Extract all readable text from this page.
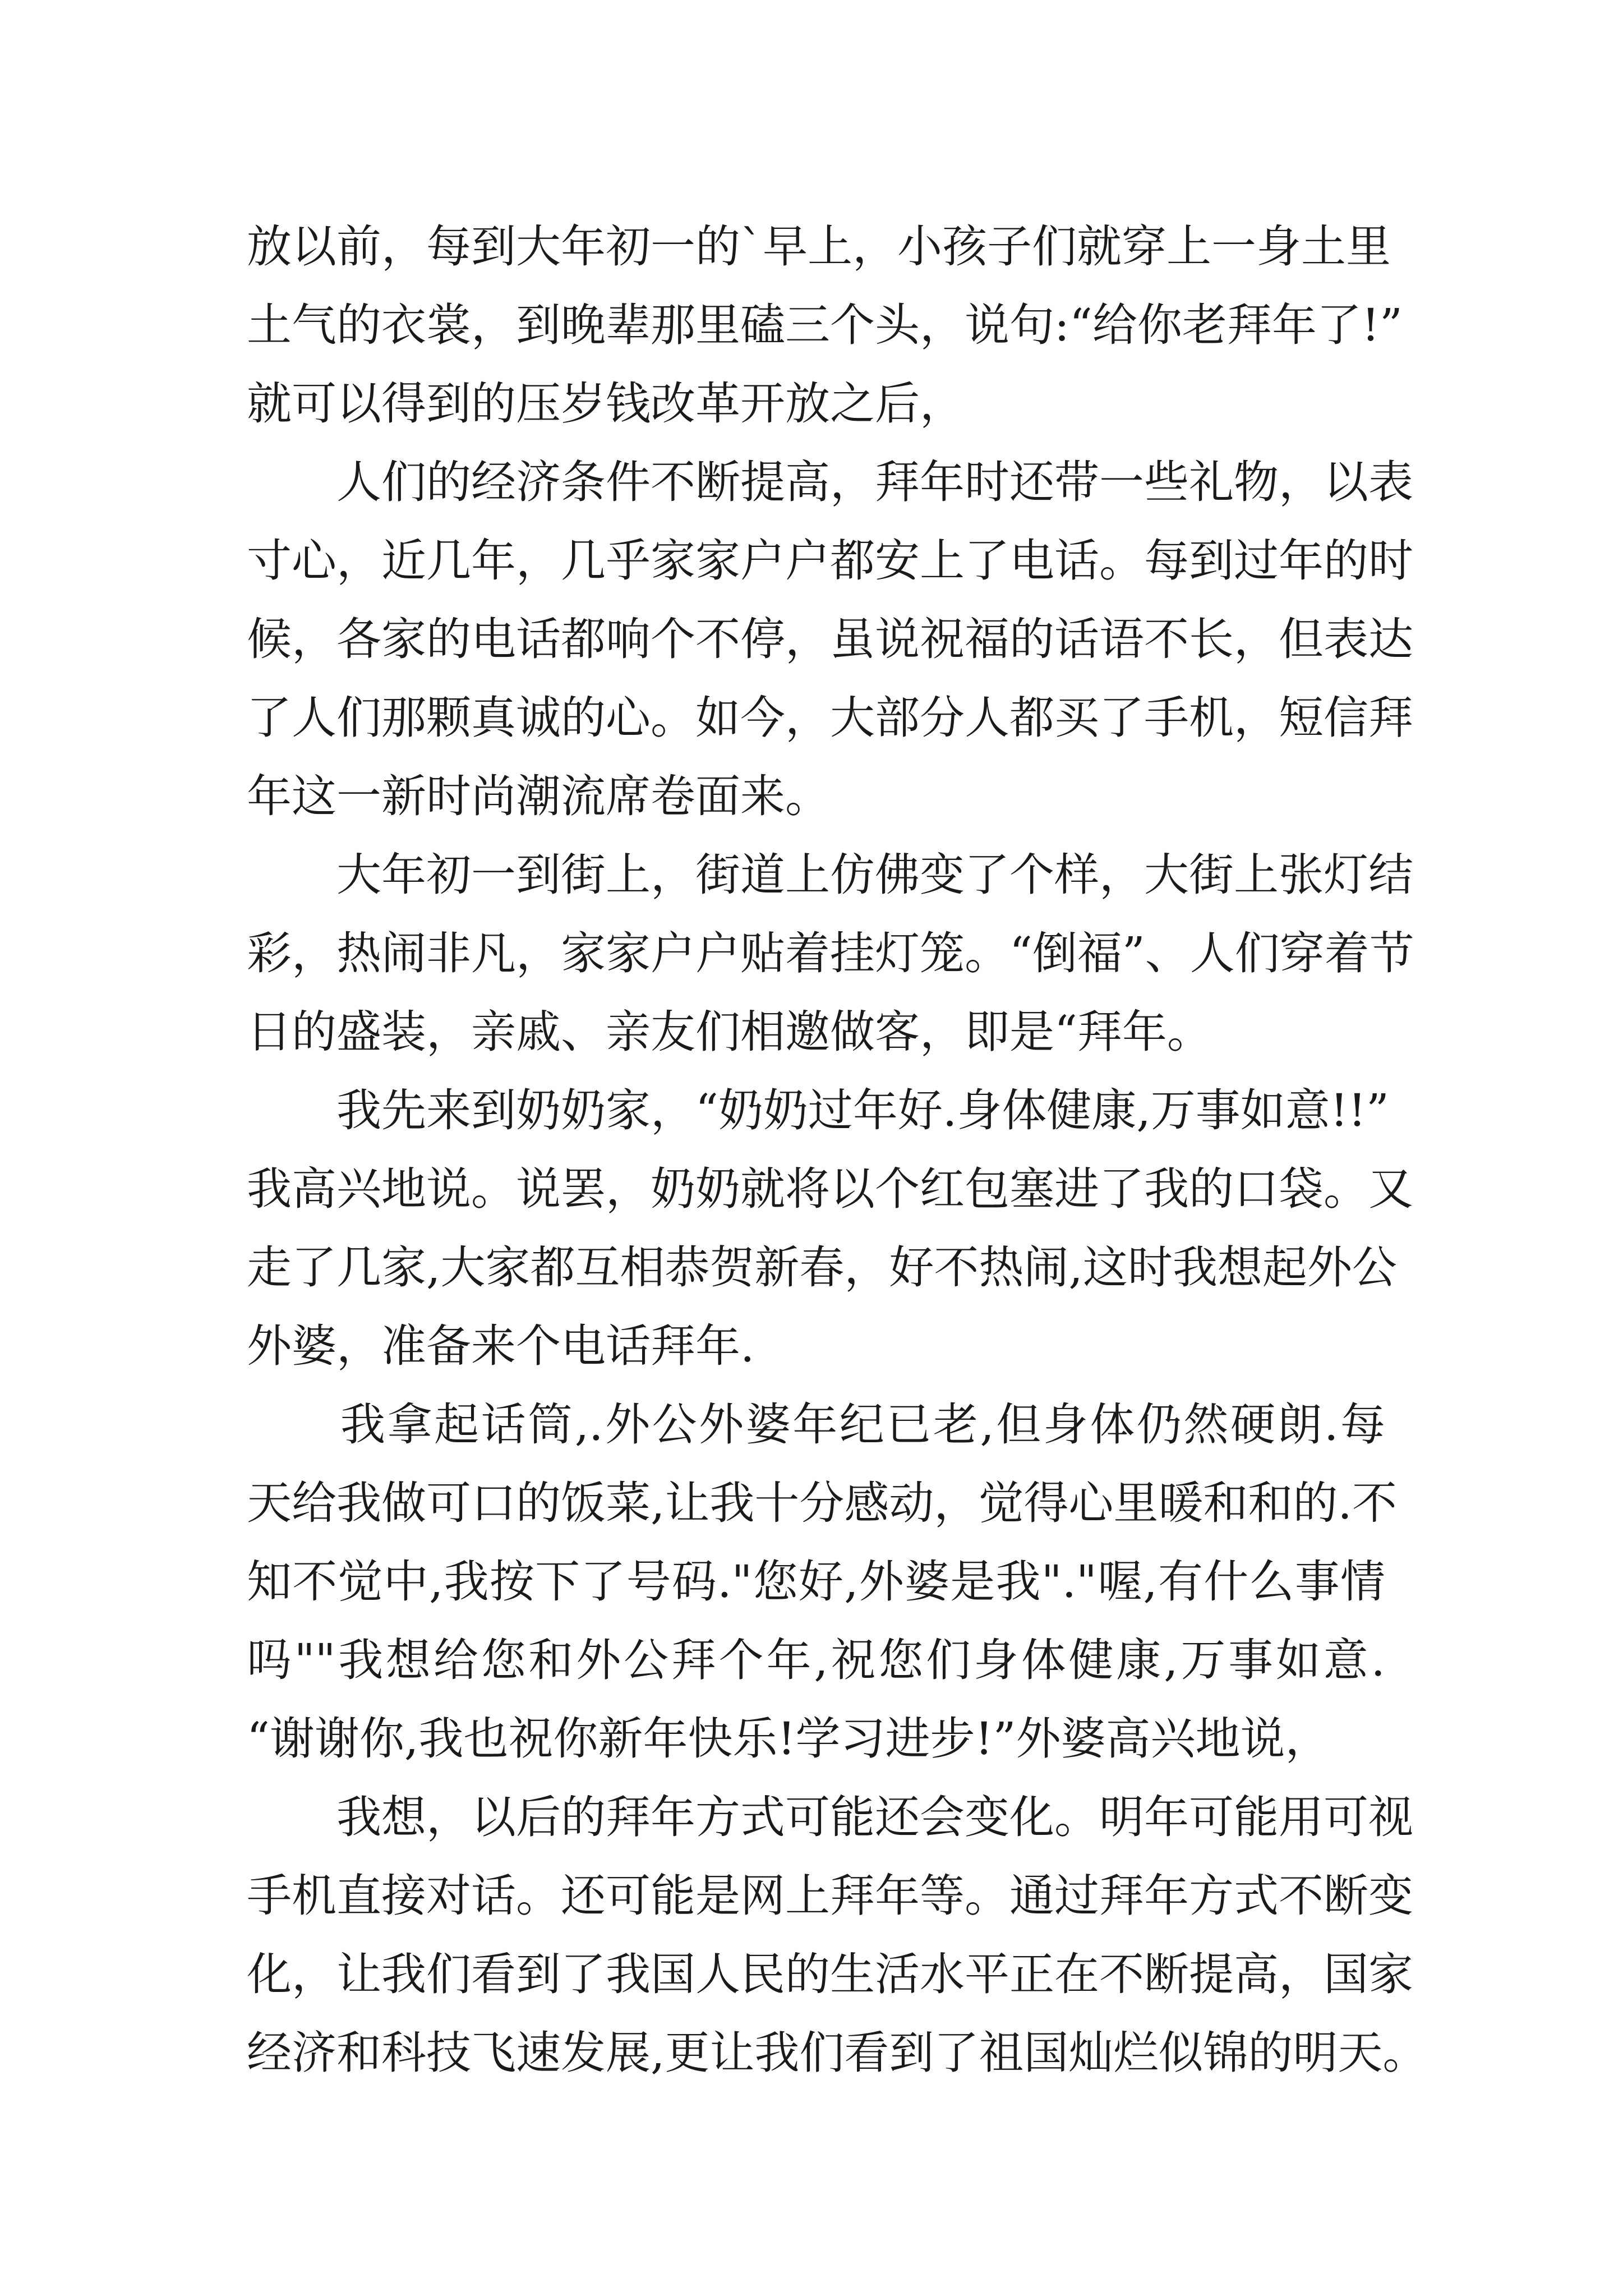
放以前，每到大年初一的`早上，小孩子们就穿上一身土里
土气的衣裳，到晚辈那里磕三个头，说句:“给你老拜年了!”
就可以得到的压岁钱改革开放之后，
　　人们的经济条件不断提高，拜年时还带一些礼物，以表
寸心，近几年，几乎家家户户都安上了电话。每到过年的时
候，各家的电话都响个不停，虽说祝福的话语不长，但表达
了人们那颗真诚的心。如今，大部分人都买了手机，短信拜
年这一新时尚潮流席卷面来。
　　大年初一到街上，街道上仿佛变了个样，大街上张灯结
彩，热闹非凡，家家户户贴着挂灯笼。“倒福”、人们穿着节
日的盛装，亲戚、亲友们相邀做客，即是“拜年。
　　我先来到奶奶家，“奶奶过年好.身体健康,万事如意!!”
我高兴地说。说罢，奶奶就将以个红包塞进了我的口袋。又
走了几家,大家都互相恭贺新春，好不热闹,这时我想起外公
外婆，准备来个电话拜年.
　　我拿起话筒,.外公外婆年纪已老,但身体仍然硬朗.每
天给我做可口的饭菜,让我十分感动，觉得心里暖和和的.不
知不觉中,我按下了号码."您好,外婆是我"."喔,有什么事情
吗""我想给您和外公拜个年,祝您们身体健康,万事如意.
“谢谢你,我也祝你新年快乐!学习进步!”外婆高兴地说，
　　我想，以后的拜年方式可能还会变化。明年可能用可视
手机直接对话。还可能是网上拜年等。通过拜年方式不断变
化，让我们看到了我国人民的生活水平正在不断提高，国家
经济和科技飞速发展,更让我们看到了祖国灿烂似锦的明天。
